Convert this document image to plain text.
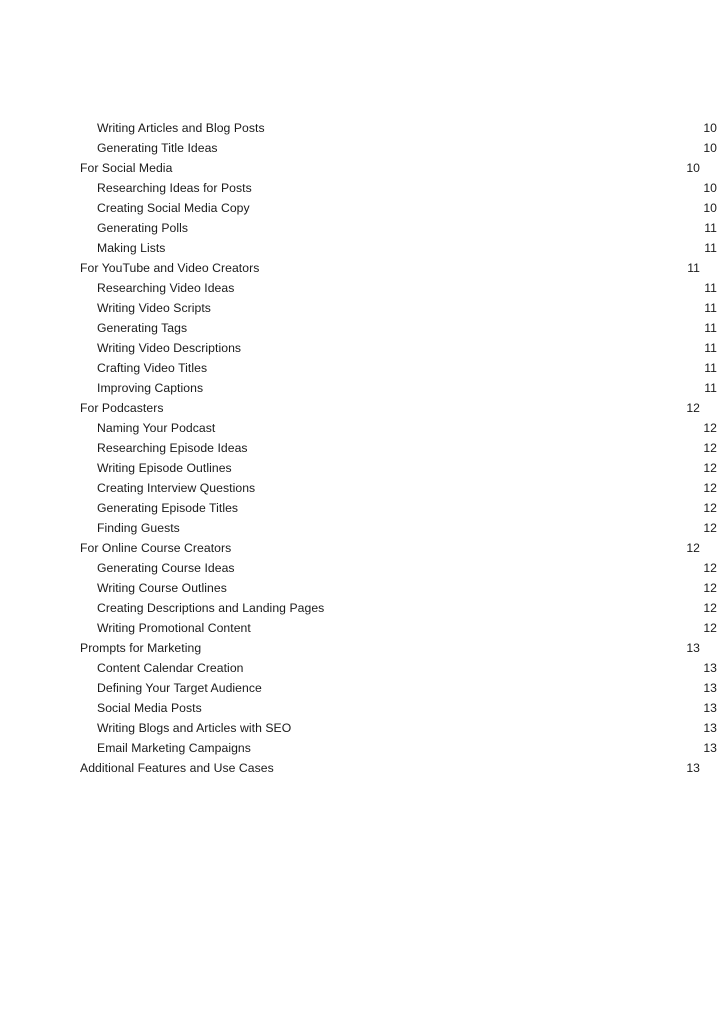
Writing Articles and Blog Posts .....	10
Generating Title Ideas .....	10
For Social Media .....	10
Researching Ideas for Posts .....	10
Creating Social Media Copy .....	10
Generating Polls .....	11
Making Lists .....	11
For YouTube and Video Creators .....	11
Researching Video Ideas .....	11
Writing Video Scripts .....	11
Generating Tags .....	11
Writing Video Descriptions .....	11
Crafting Video Titles .....	11
Improving Captions .....	11
For Podcasters .....	12
Naming Your Podcast .....	12
Researching Episode Ideas .....	12
Writing Episode Outlines .....	12
Creating Interview Questions .....	12
Generating Episode Titles .....	12
Finding Guests .....	12
For Online Course Creators .....	12
Generating Course Ideas .....	12
Writing Course Outlines .....	12
Creating Descriptions and Landing Pages .....	12
Writing Promotional Content .....	12
Prompts for Marketing .....	13
Content Calendar Creation .....	13
Defining Your Target Audience .....	13
Social Media Posts .....	13
Writing Blogs and Articles with SEO .....	13
Email Marketing Campaigns .....	13
Additional Features and Use Cases .....	13
